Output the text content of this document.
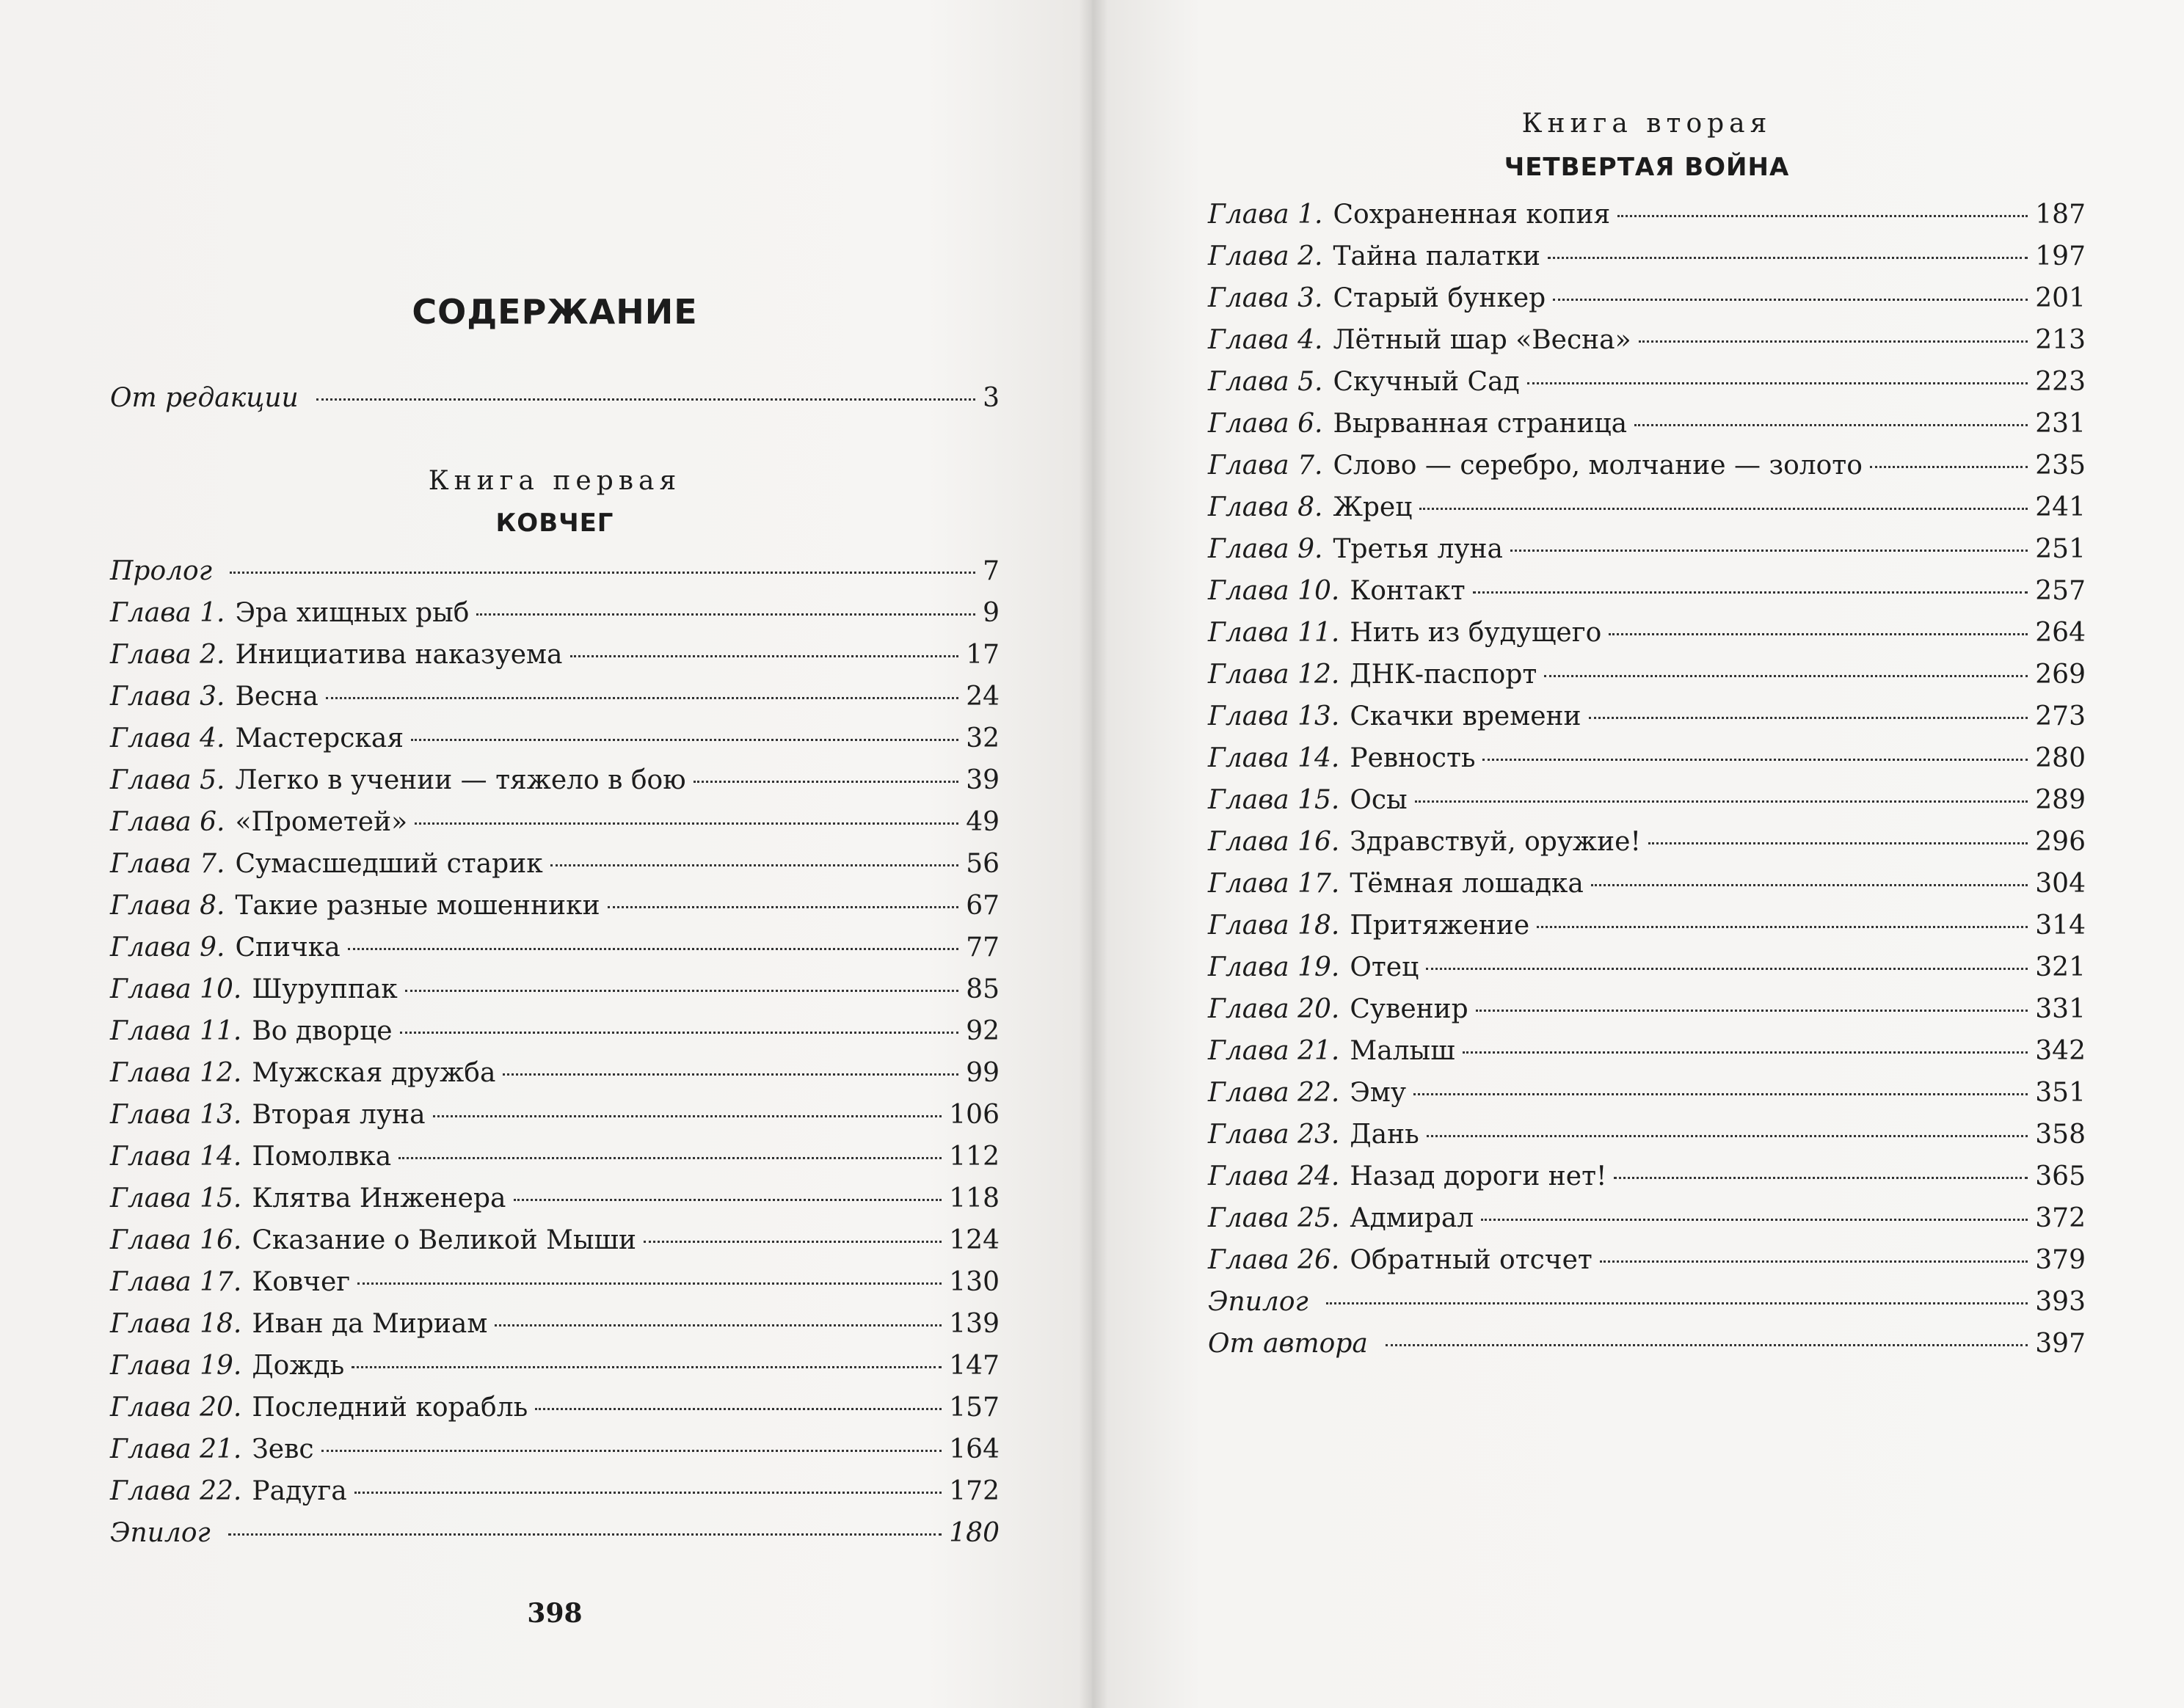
СОДЕРЖАНИЕ
От редакции	3
Книга первая
КОВЧЕГ
Пролог	7
Глава 1. Эра хищных рыб	9
Глава 2. Инициатива наказуема	17
Глава 3. Весна	24
Глава 4. Мастерская	32
Глава 5. Легко в учении — тяжело в бою	39
Глава 6. «Прометей»	49
Глава 7. Сумасшедший старик	56
Глава 8. Такие разные мошенники	67
Глава 9. Спичка	77
Глава 10. Шуруппак	85
Глава 11. Во дворце	92
Глава 12. Мужская дружба	99
Глава 13. Вторая луна	106
Глава 14. Помолвка	112
Глава 15. Клятва Инженера	118
Глава 16. Сказание о Великой Мыши	124
Глава 17. Ковчег	130
Глава 18. Иван да Мириам	139
Глава 19. Дождь	147
Глава 20. Последний корабль	157
Глава 21. Зевс	164
Глава 22. Радуга	172
Эпилог	180
398
Книга вторая
ЧЕТВЕРТАЯ ВОЙНА
Глава 1. Сохраненная копия	187
Глава 2. Тайна палатки	197
Глава 3. Старый бункер	201
Глава 4. Лётный шар «Весна»	213
Глава 5. Скучный Сад	223
Глава 6. Вырванная страница	231
Глава 7. Слово — серебро, молчание — золото	235
Глава 8. Жрец	241
Глава 9. Третья луна	251
Глава 10. Контакт	257
Глава 11. Нить из будущего	264
Глава 12. ДНК-паспорт	269
Глава 13. Скачки времени	273
Глава 14. Ревность	280
Глава 15. Осы	289
Глава 16. Здравствуй, оружие!	296
Глава 17. Тёмная лошадка	304
Глава 18. Притяжение	314
Глава 19. Отец	321
Глава 20. Сувенир	331
Глава 21. Малыш	342
Глава 22. Эму	351
Глава 23. Дань	358
Глава 24. Назад дороги нет!	365
Глава 25. Адмирал	372
Глава 26. Обратный отсчет	379
Эпилог	393
От автора	397
